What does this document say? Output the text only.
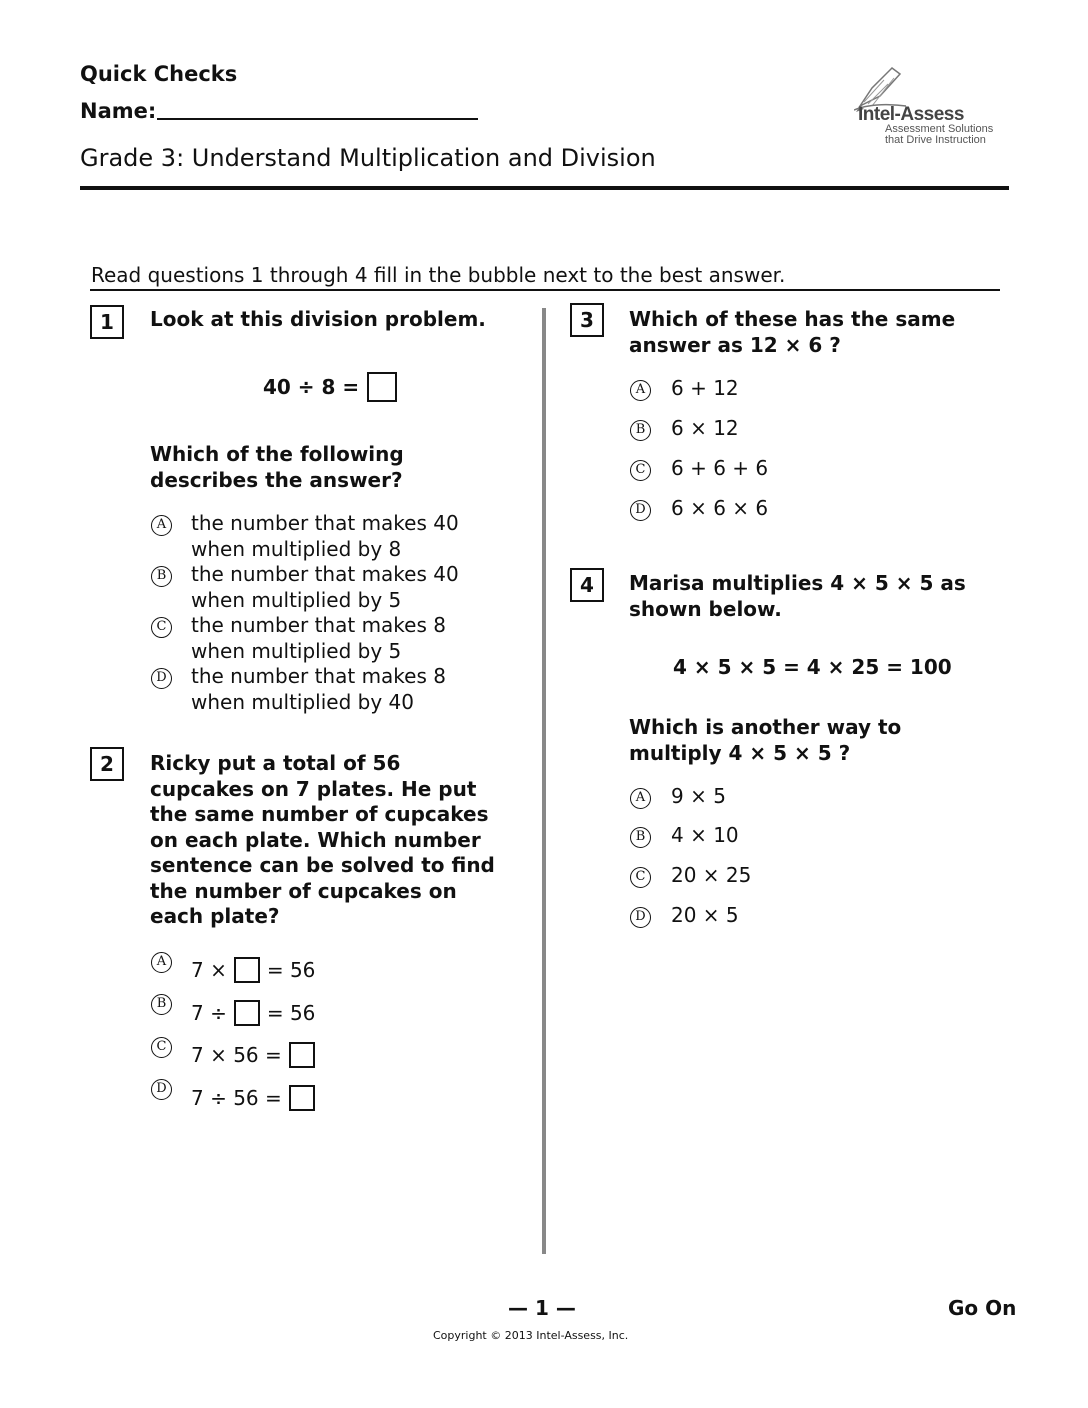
Quick Checks
Name:
Grade 3: Understand Multiplication and Division
Intel-Assess
Assessment Solutions
that Drive Instruction
Read questions 1 through 4 fill in the bubble next to the best answer.
1	Look at this division problem.
40 ÷ 8 =
Which of the following
describes the answer?
A the number that makes 40
when multiplied by 8
B the number that makes 40
when multiplied by 5
C the number that makes 8
when multiplied by 5
D the number that makes 8
when multiplied by 40
2	Ricky put a total of 56
cupcakes on 7 plates. He put
the same number of cupcakes
on each plate. Which number
sentence can be solved to find
the number of cupcakes on
each plate?
A 7 × = 56
B 7 ÷ = 56
C 7 × 56 =
D 7 ÷ 56 =
3	Which of these has the same
answer as 12 × 6 ?
A 6 + 12
B 6 × 12
C 6 + 6 + 6
D 6 × 6 × 6
4	Marisa multiplies 4 × 5 × 5 as
shown below.
4 × 5 × 5 = 4 × 25 = 100
Which is another way to
multiply 4 × 5 × 5 ?
A 9 × 5
B 4 × 10
C 20 × 25
D 20 × 5
— 1 —	Go On
Copyright © 2013 Intel-Assess, Inc.
